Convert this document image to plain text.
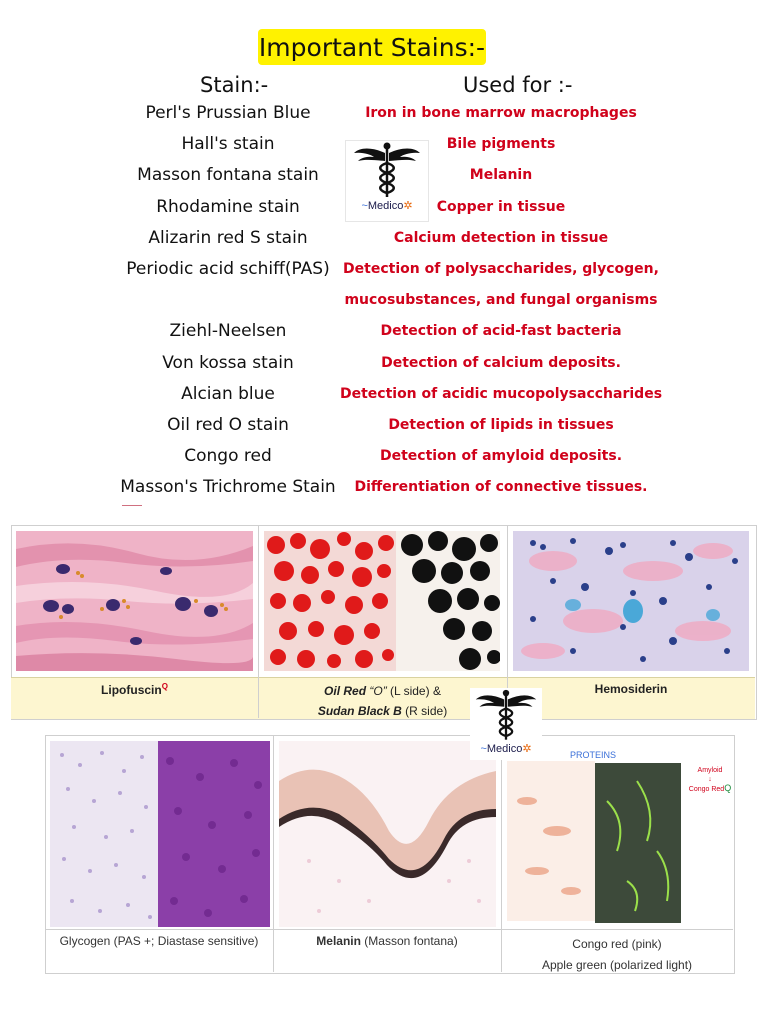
Important Stains:-
Stain:-	Used for :-
Perl's Prussian Blue	Iron in bone marrow macrophages
Hall's stain	Bile pigments
Masson fontana stain	Melanin
Rhodamine stain	Copper in tissue
Alizarin red S stain	Calcium detection in tissue
Periodic acid schiff(PAS) Detection of polysaccharides, glycogen,
mucosubstances, and fungal organisms
Ziehl-Neelsen	Detection of acid-fast bacteria
Von kossa stain	Detection of calcium deposits.
Alcian blue	Detection of acidic mucopolysaccharides
Oil red O stain	Detection of lipids in tissues
Congo red	Detection of amyloid deposits.
Masson's Trichrome Stain	Differentiation of connective tissues.
~Medico✲
Lipofuscin$^Q$	Oil Red “O” (L side) &
Sudan Black B (R side)
Hemosiderin
PROTEINS
Amyloid
↓
Congo RedQ
~Medico✲
Glycogen (PAS +; Diastase sensitive)	Melanin (Masson fontana)	Congo red (pink)
Apple green (polarized light)
